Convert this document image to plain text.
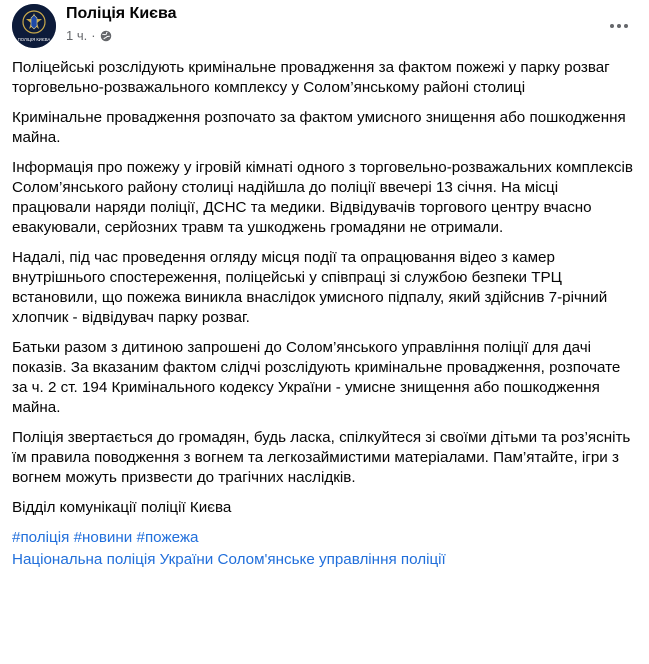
ПОЛІЦІЯ КИЄВА
Поліція Києва
1 ч. ·

Поліцейські розслідують кримінальне провадження за фактом пожежі у парку розваг торговельно-розважального комплексу у Солом’янському районі столиці

Кримінальне провадження розпочато за фактом умисного знищення або пошкодження майна.

Інформація про пожежу у ігровій кімнаті одного з торговельно-розважальних комплексів Солом’янського району столиці надійшла до поліції ввечері 13 січня. На місці працювали наряди поліції, ДСНС та медики. Відвідувачів торгового центру вчасно евакуювали, серйозних травм та ушкоджень громадяни не отримали.

Надалі, під час проведення огляду місця події та опрацювання відео з камер внутрішнього спостереження, поліцейські у співпраці зі службою безпеки ТРЦ встановили, що пожежа виникла внаслідок умисного підпалу, який здійснив 7-річний хлопчик - відвідувач парку розваг.

Батьки разом з дитиною запрошені до Солом’янського управління поліції для дачі показів. За вказаним фактом слідчі розслідують кримінальне провадження, розпочате за ч. 2 ст. 194 Кримінального кодексу України - умисне знищення або пошкодження майна.

Поліція звертається до громадян, будь ласка, спілкуйтеся зі своїми дітьми та роз’ясніть їм правила поводження з вогнем та легкозаймистими матеріалами. Пам’ятайте, ігри з вогнем можуть призвести до трагічних наслідків.

Відділ комунікації поліції Києва

#поліція #новини #пожежа
Національна поліція України Солом'янське управління поліції
